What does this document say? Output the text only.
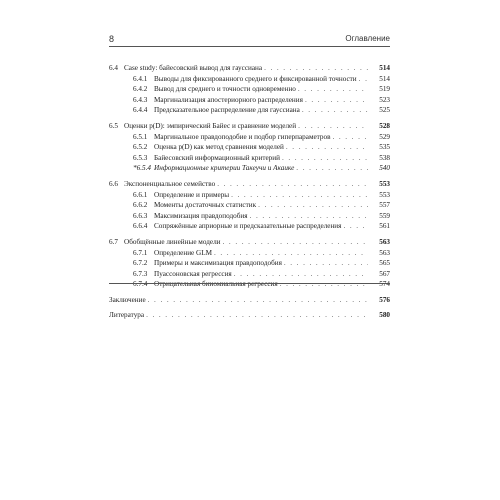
8	Оглавление
6.4 Case study: байесовский вывод для гауссиана . . .	514
6.4.1 Выводы для фиксированного среднего и фиксированной точности . . .	514
6.4.2 Вывод для среднего и точности одновременно . . .	519
6.4.3 Маргинализация апостериорного распределения . . .	523
6.4.4 Предсказательное распределение для гауссиана . . .	525
6.5 Оценки p(D): эмпирический Байес и сравнение моделей . . .	528
6.5.1 Маргинальное правдоподобие и подбор гиперпараметров . . .	529
6.5.2 Оценка p(D) как метод сравнения моделей . . .	535
6.5.3 Байесовский информационный критерий . . .	538
*6.5.4 Информационные критерии Такеучи и Акаике . . .	540
6.6 Экспоненциальное семейство . . .	553
6.6.1 Определение и примеры . . .	553
6.6.2 Моменты достаточных статистик . . .	557
6.6.3 Максимизация правдоподобия . . .	559
6.6.4 Сопряжённые априорные и предсказательные распределения . . .	561
6.7 Обобщённые линейные модели . . .	563
6.7.1 Определение GLM . . .	563
6.7.2 Примеры и максимизация правдоподобия . . .	565
6.7.3 Пуассоновская регрессия . . .	567
6.7.4 Отрицательная биномиальная регрессия . . .	574
Заключение . . .	576
Литература . . .	580
